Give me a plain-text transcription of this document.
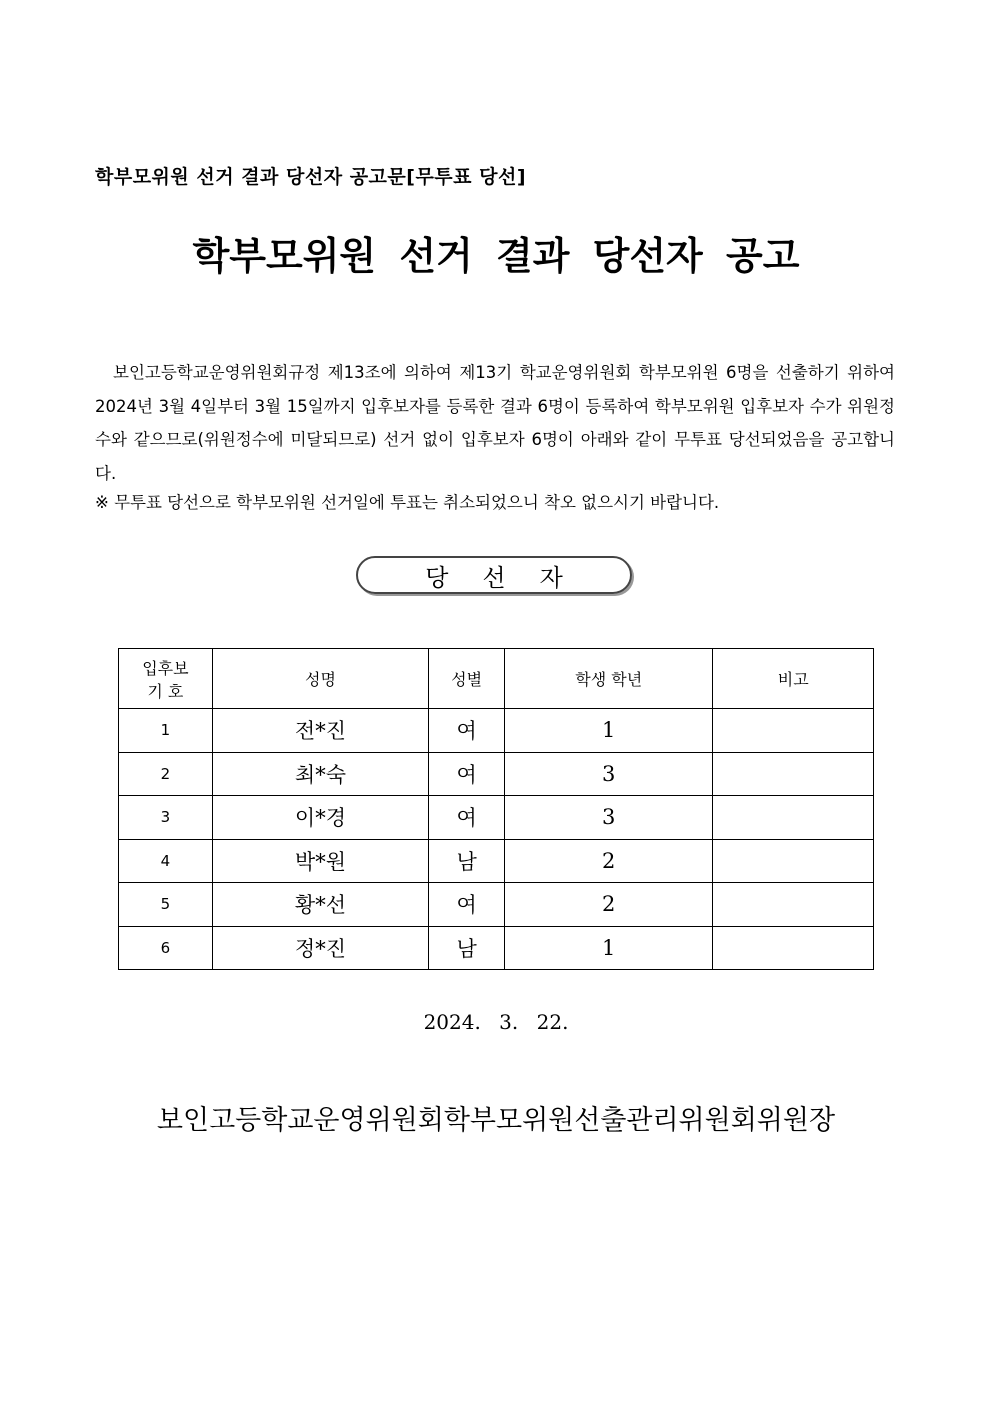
학부모위원 선거 결과 당선자 공고문[무투표 당선]
학부모위원 선거 결과 당선자 공고

보인고등학교운영위원회규정 제13조에 의하여 제13기 학교운영위원회 학부모위원 6명을 선출하기 위하여 2024년 3월 4일부터 3월 15일까지 입후보자를 등록한 결과 6명이 등록하여 학부모위원 입후보자 수가 위원정수와 같으므로(위원정수에 미달되므로) 선거 없이 입후보자 6명이 아래와 같이 무투표 당선되었음을 공고합니다.

※ 무투표 당선으로 학부모위원 선거일에 투표는 취소되었으니 착오 없으시기 바랍니다.
당선자
입후보
기 호	성명	성별	학생 학년	비고
1	전*진	여	1	
2	최*숙	여	3	
3	이*경	여	3	
4	박*원	남	2	
5	황*선	여	2	
6	정*진	남	1	
2024. 3. 22.
보인고등학교운영위원회학부모위원선출관리위원회위원장
